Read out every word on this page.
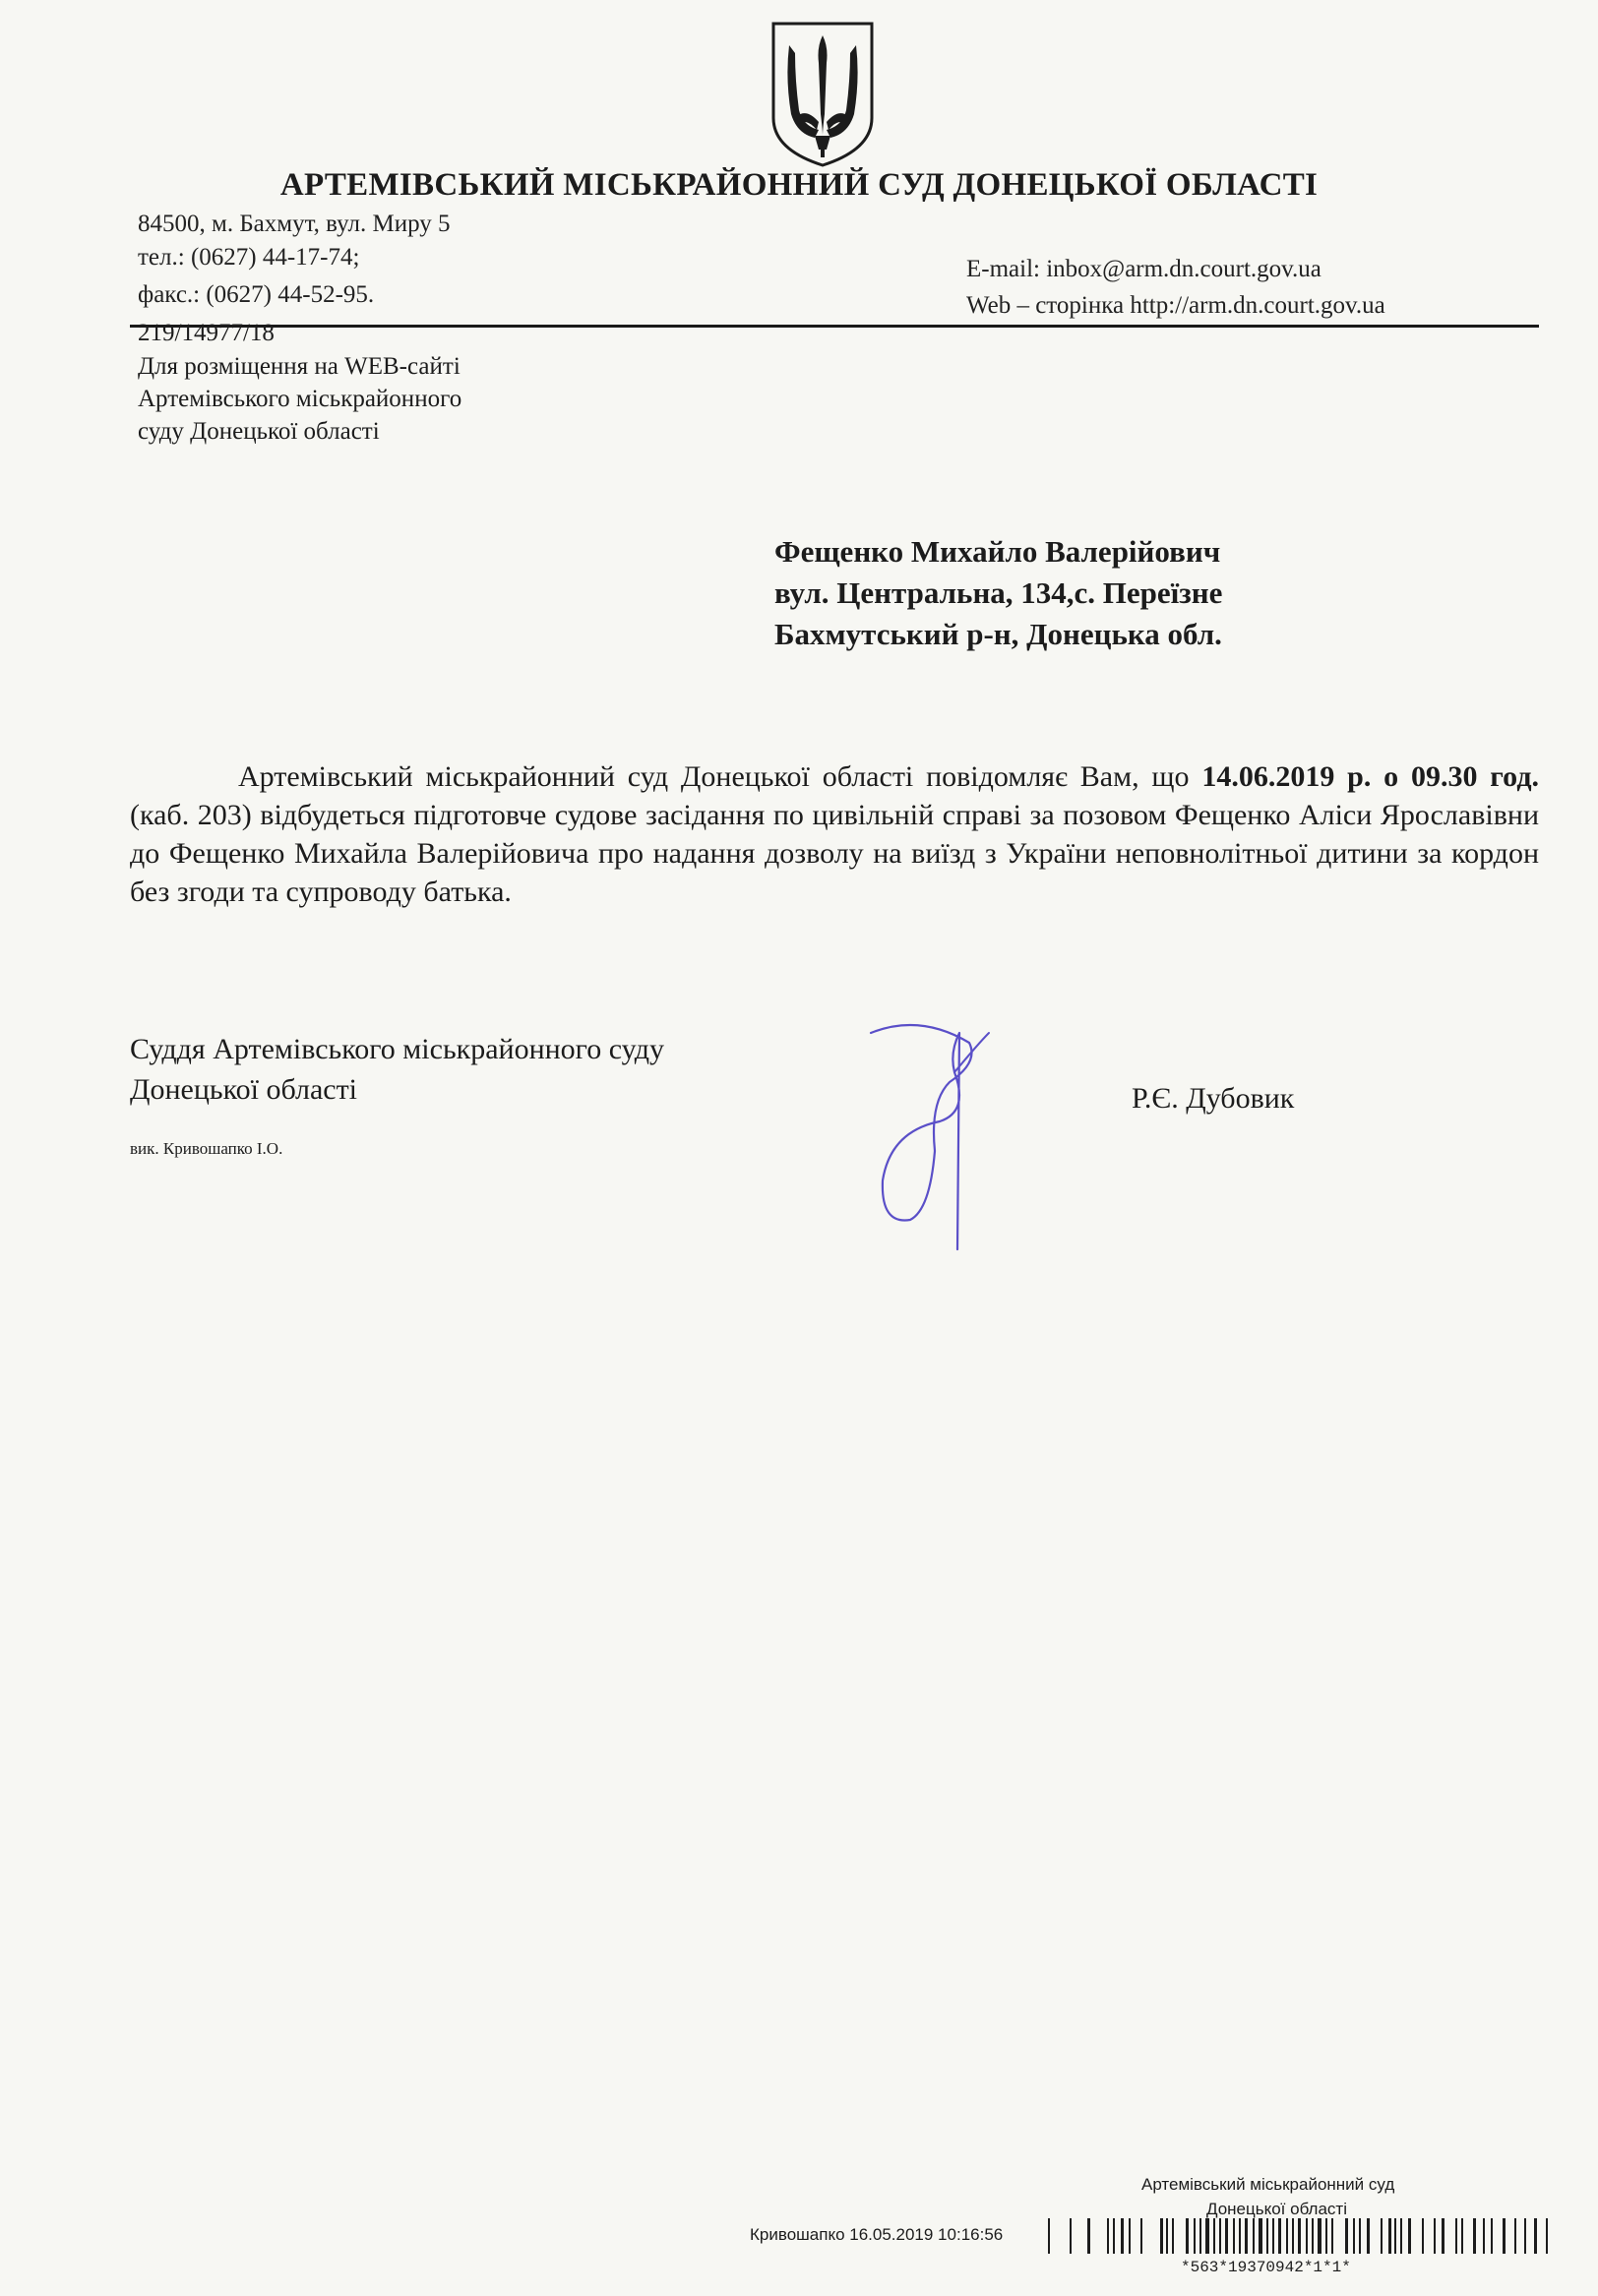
АРТЕМІВСЬКИЙ МІСЬКРАЙОННИЙ СУД ДОНЕЦЬКОЇ ОБЛАСТІ
84500, м. Бахмут, вул. Миру 5
тел.: (0627) 44-17-74;
факс.: (0627) 44-52-95.
E-mail: inbox@arm.dn.court.gov.ua
Web – сторінка http://arm.dn.court.gov.ua
219/14977/18
Для розміщення на WEB-сайті
Артемівського міськрайонного
суду Донецької області
Фещенко Михайло Валерійович
вул. Центральна, 134,с. Переїзне
Бахмутський р-н, Донецька обл.
Артемівський міськрайонний суд Донецької області повідомляє Вам, що 14.06.2019 р. о 09.30 год. (каб. 203) відбудеться підготовче судове засідання по цивільній справі за позовом Фещенко Аліси Ярославівни до Фещенко Михайла Валерійовича про надання дозволу на виїзд з України неповнолітньої дитини за кордон без згоди та супроводу батька.
Суддя Артемівського міськрайонного суду
Донецької області	Р.Є. Дубовик
вик. Кривошапко І.О.
Артемівський міськрайонний суд
Донецької області
Кривошапко 16.05.2019 10:16:56
*563*19370942*1*1*
